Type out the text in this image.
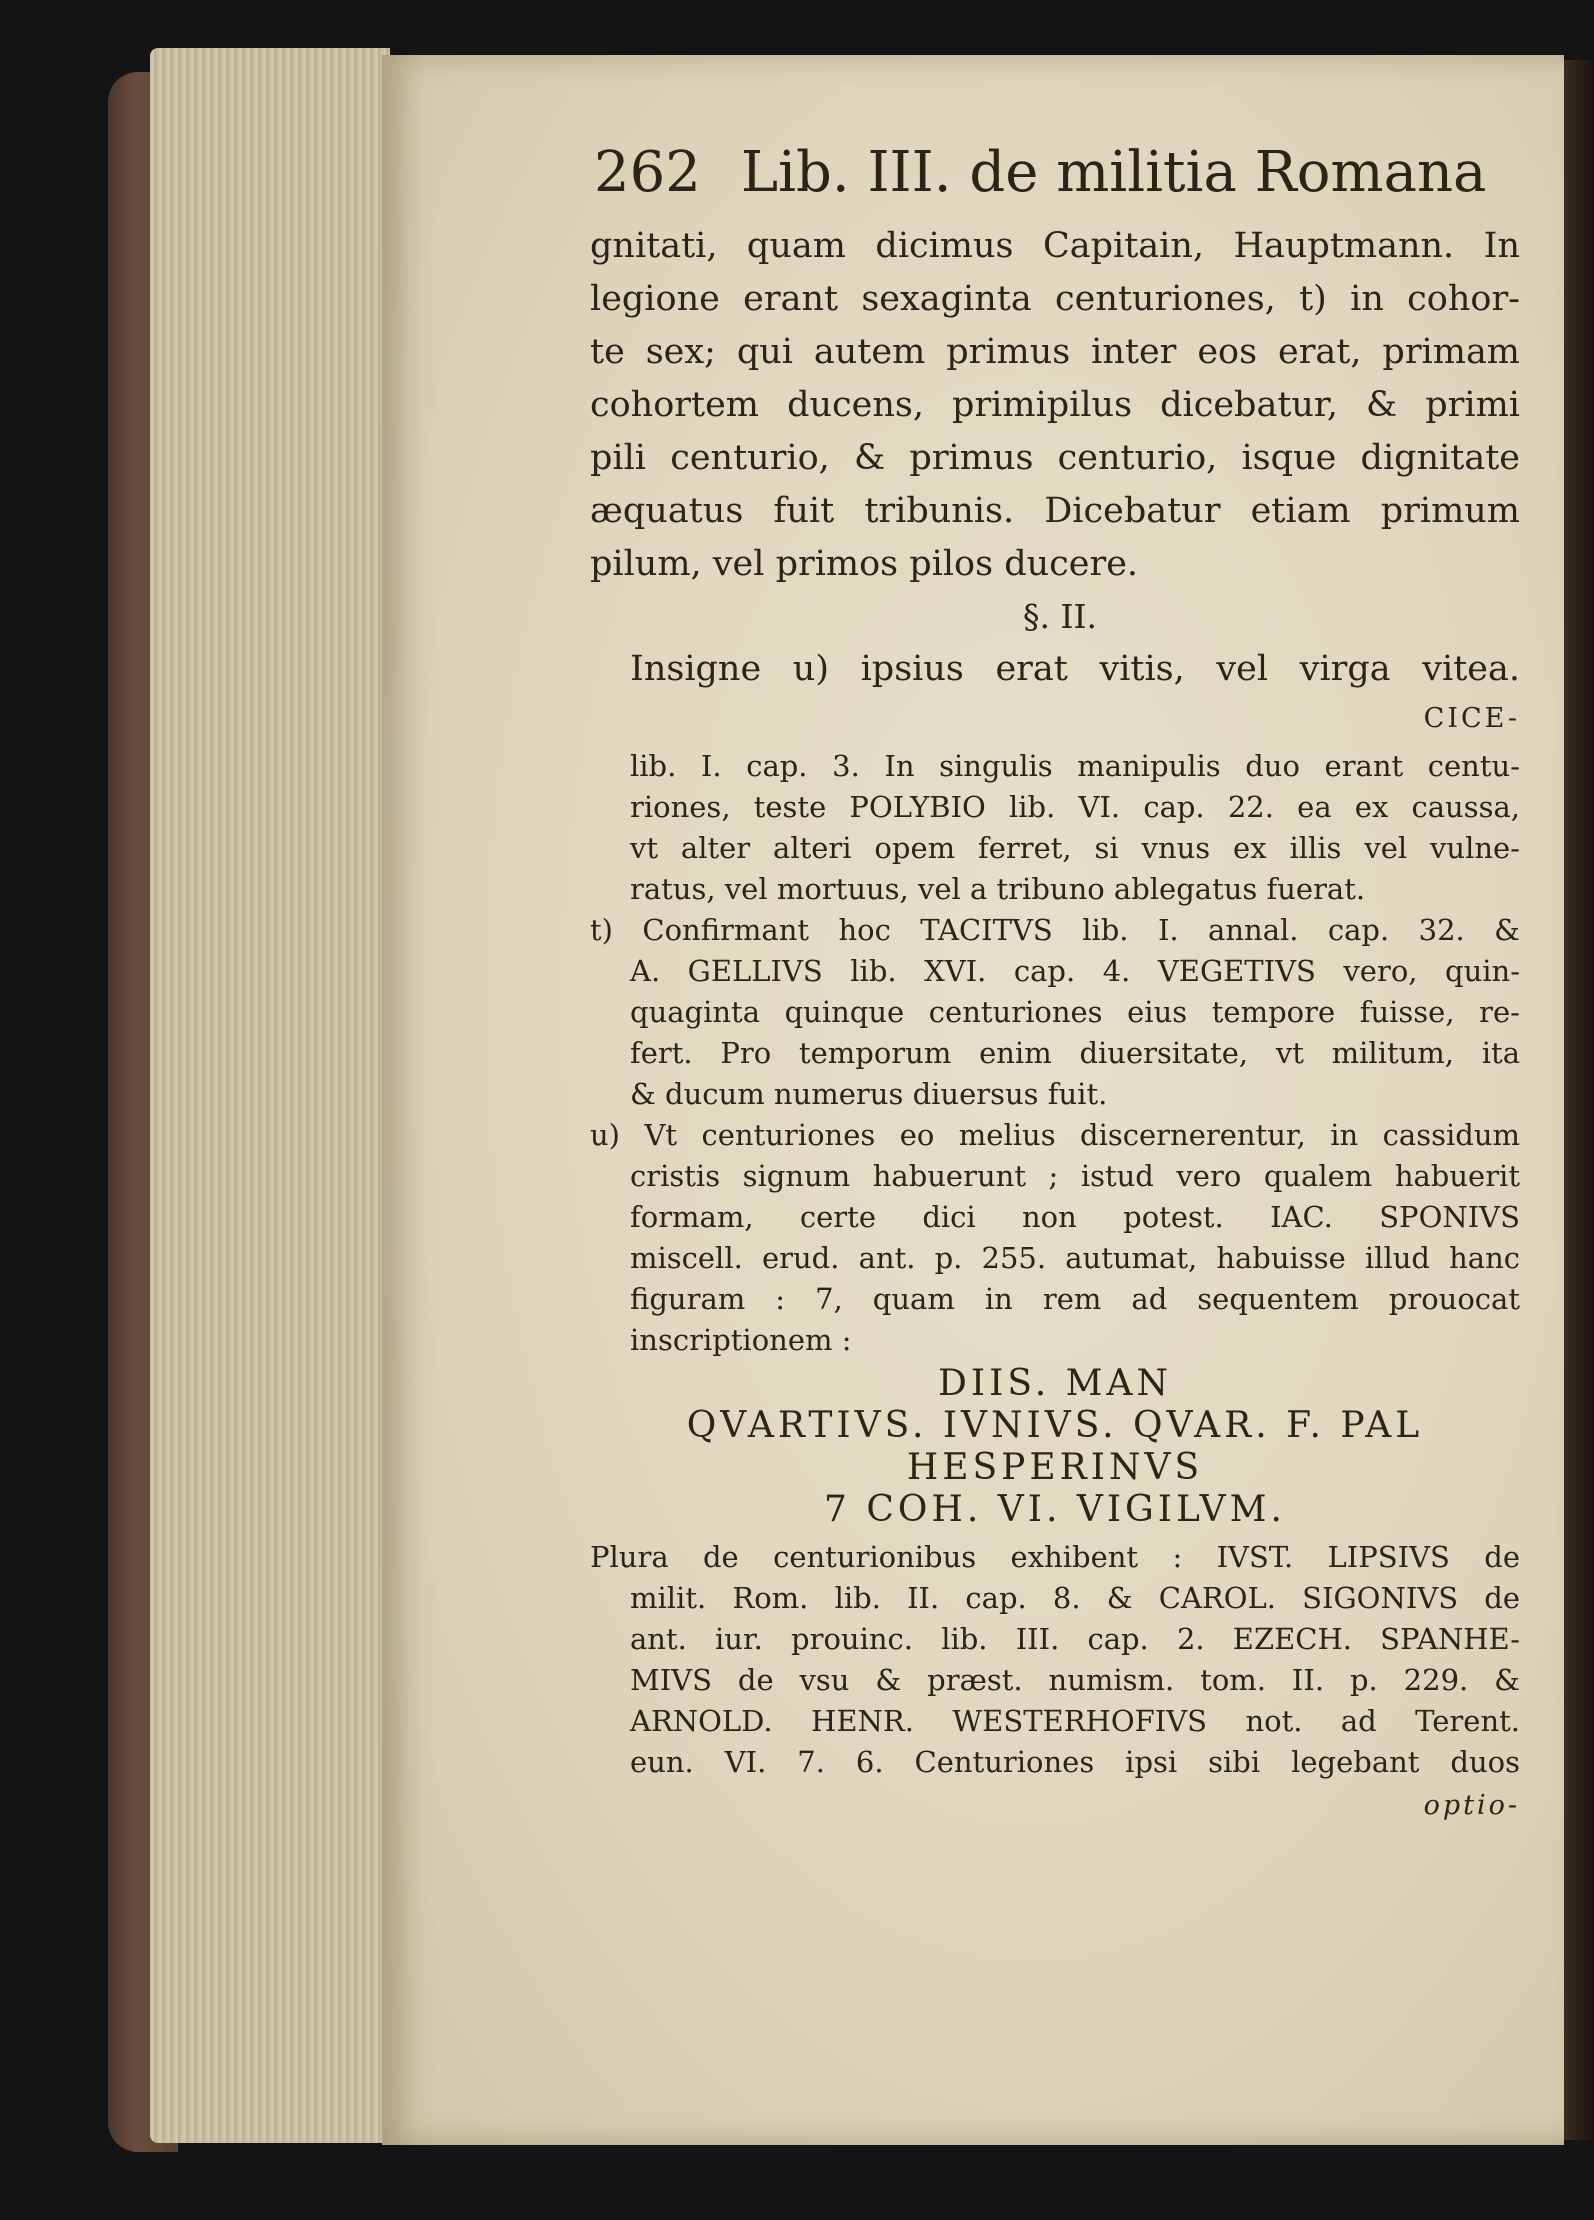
262 Lib. III. de militia Romana
gnitati, quam dicimus Capitain, Hauptmann. In
legione erant sexaginta centuriones, t) in cohor-
te sex; qui autem primus inter eos erat, primam
cohortem ducens, primipilus dicebatur, & primi
pili centurio, & primus centurio, isque dignitate
æquatus fuit tribunis. Dicebatur etiam primum
pilum, vel primos pilos ducere.
§. II.
Insigne u) ipsius erat vitis, vel virga vitea.
CICE-
lib. I. cap. 3. In singulis manipulis duo erant centu-
riones, teste POLYBIO lib. VI. cap. 22. ea ex caussa,
vt alter alteri opem ferret, si vnus ex illis vel vulne-
ratus, vel mortuus, vel a tribuno ablegatus fuerat.
t) Confirmant hoc TACITVS lib. I. annal. cap. 32. &
A. GELLIVS lib. XVI. cap. 4. VEGETIVS vero, quin-
quaginta quinque centuriones eius tempore fuisse, re-
fert. Pro temporum enim diuersitate, vt militum, ita
& ducum numerus diuersus fuit.
u) Vt centuriones eo melius discernerentur, in cassidum
cristis signum habuerunt ; istud vero qualem habuerit
formam, certe dici non potest. IAC. SPONIVS
miscell. erud. ant. p. 255. autumat, habuisse illud hanc
figuram : 7, quam in rem ad sequentem prouocat
inscriptionem :
DIIS. MAN
QVARTIVS. IVNIVS. QVAR. F. PAL
HESPERINVS
7 COH. VI. VIGILVM.
Plura de centurionibus exhibent : IVST. LIPSIVS de
milit. Rom. lib. II. cap. 8. & CAROL. SIGONIVS de
ant. iur. prouinc. lib. III. cap. 2. EZECH. SPANHE-
MIVS de vsu & præst. numism. tom. II. p. 229. &
ARNOLD. HENR. WESTERHOFIVS not. ad Terent.
eun. VI. 7. 6. Centuriones ipsi sibi legebant duos
optio-
